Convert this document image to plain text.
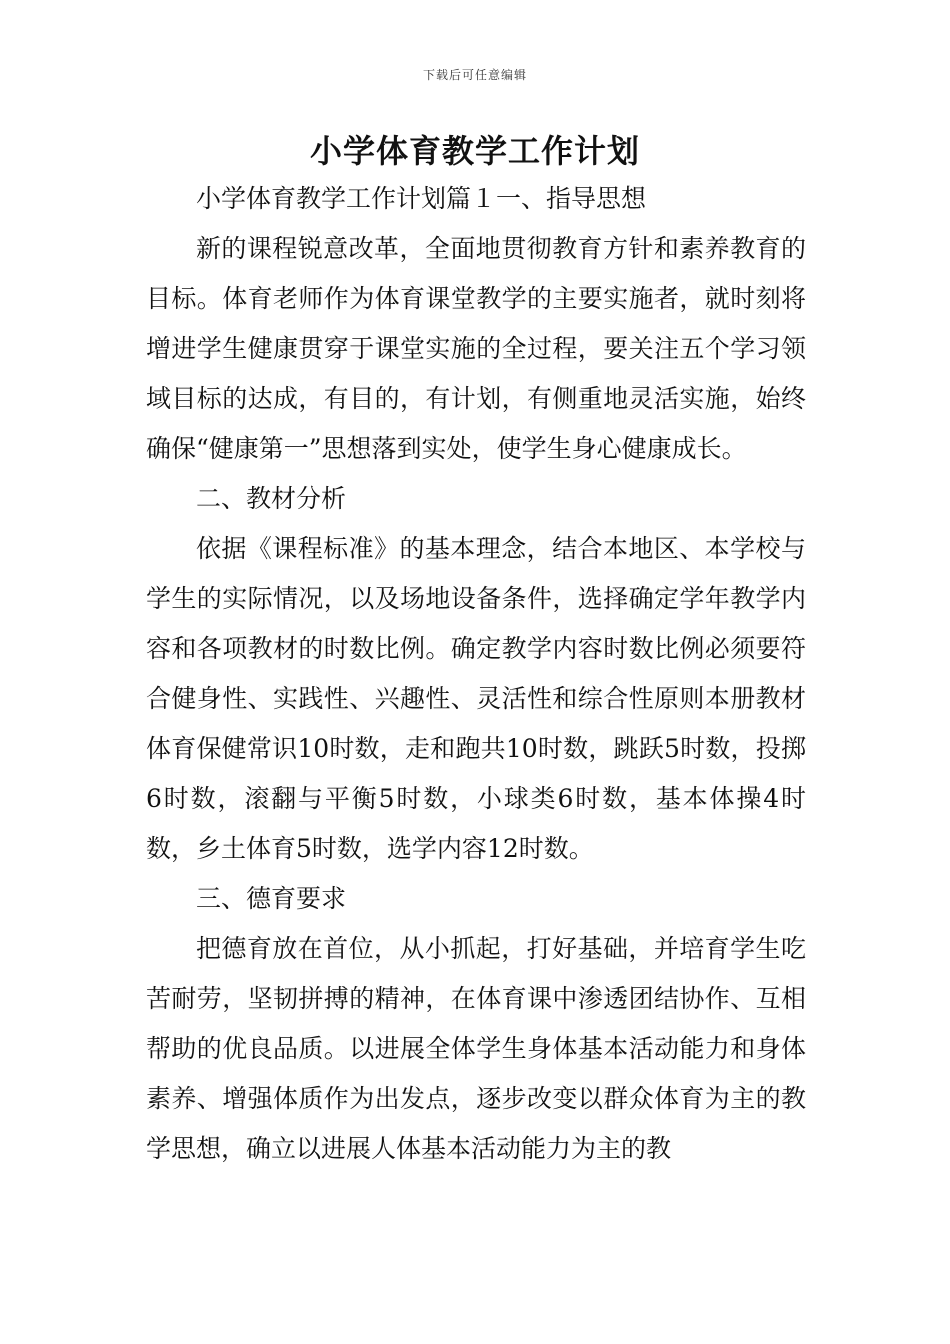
下载后可任意编辑
小学体育教学工作计划

小学体育教学工作计划篇１一、指导思想

新的课程锐意改革，全面地贯彻教育方针和素养教育的目标。体育老师作为体育课堂教学的主要实施者，就时刻将增进学生健康贯穿于课堂实施的全过程，要关注五个学习领域目标的达成，有目的，有计划，有侧重地灵活实施，始终确保“健康第一”思想落到实处，使学生身心健康成长。

二、教材分析

依据《课程标准》的基本理念，结合本地区、本学校与学生的实际情况，以及场地设备条件，选择确定学年教学内容和各项教材的时数比例。确定教学内容时数比例必须要符合健身性、实践性、兴趣性、灵活性和综合性原则本册教材体育保健常识10时数，走和跑共10时数，跳跃5时数，投掷6时数，滚翻与平衡5时数，小球类6时数，基本体操4时数，乡土体育5时数，选学内容12时数。

三、德育要求

把德育放在首位，从小抓起，打好基础，并培育学生吃苦耐劳，坚韧拼搏的精神，在体育课中渗透团结协作、互相帮助的优良品质。以进展全体学生身体基本活动能力和身体素养、增强体质作为出发点，逐步改变以群众体育为主的教学思想，确立以进展人体基本活动能力为主的教
